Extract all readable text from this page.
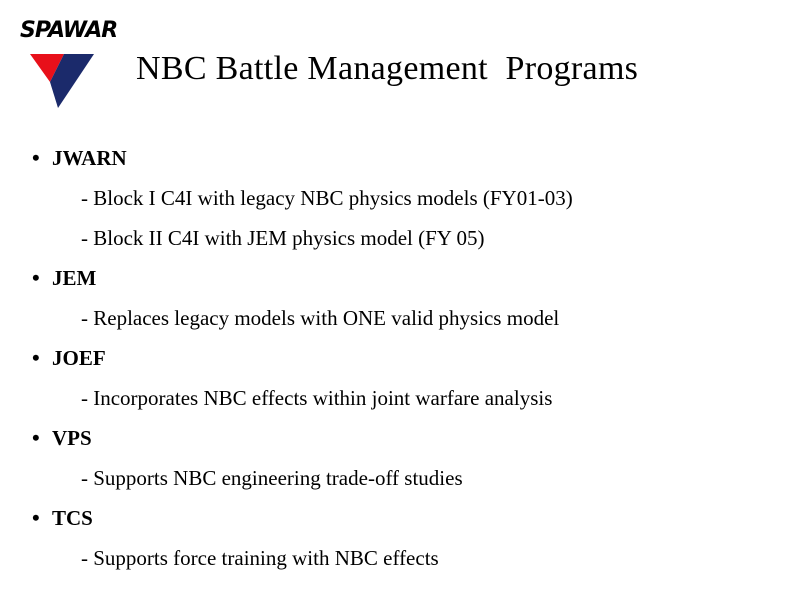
SPAWAR
NBC Battle Management  Programs
• JWARN
- Block I C4I with legacy NBC physics models (FY01-03)
- Block II C4I with JEM physics model (FY 05)
• JEM
- Replaces legacy models with ONE valid physics model
• JOEF
- Incorporates NBC effects within joint warfare analysis
• VPS
- Supports NBC engineering trade-off studies
• TCS
- Supports force training with NBC effects
